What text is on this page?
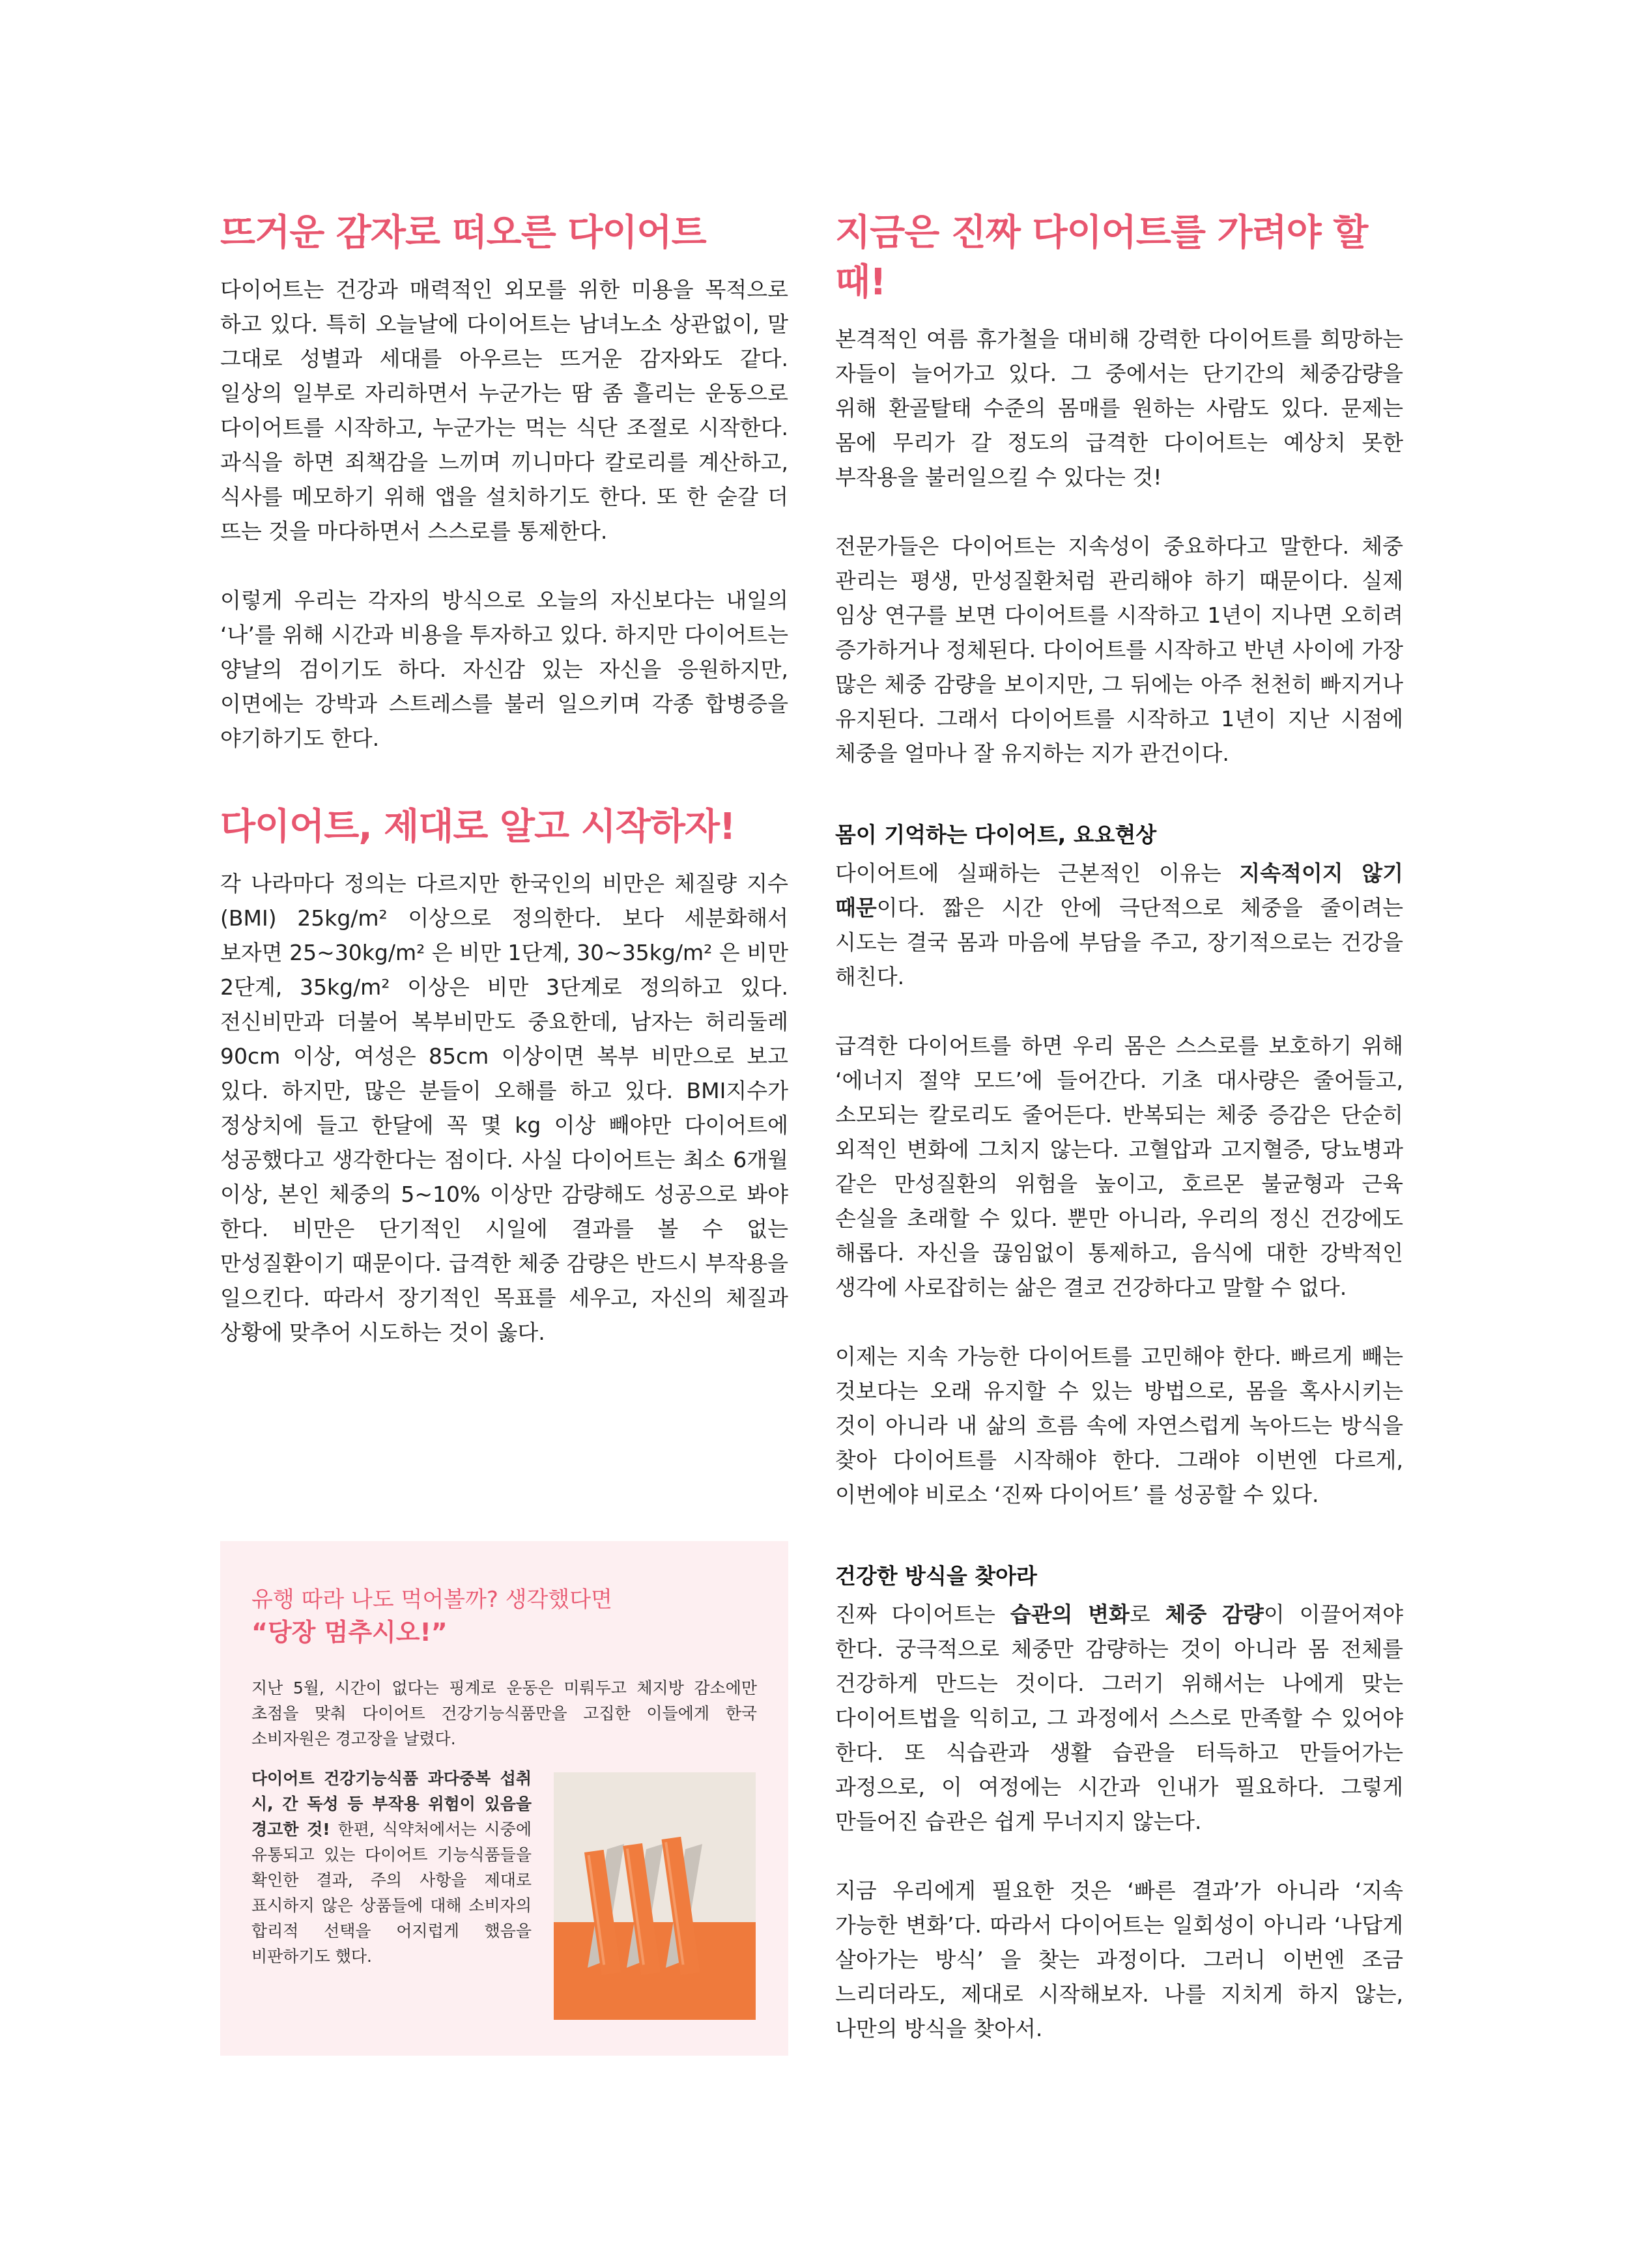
뜨거운 감자로 떠오른 다이어트

다이어트는 건강과 매력적인 외모를 위한 미용을 목적으로 하고 있다. 특히 오늘날에 다이어트는 남녀노소 상관없이, 말 그대로 성별과 세대를 아우르는 뜨거운 감자와도 같다. 일상의 일부로 자리하면서 누군가는 땀 좀 흘리는 운동으로 다이어트를 시작하고, 누군가는 먹는 식단 조절로 시작한다. 과식을 하면 죄책감을 느끼며 끼니마다 칼로리를 계산하고, 식사를 메모하기 위해 앱을 설치하기도 한다. 또 한 숟갈 더 뜨는 것을 마다하면서 스스로를 통제한다.

이렇게 우리는 각자의 방식으로 오늘의 자신보다는 내일의 ‘나’를 위해 시간과 비용을 투자하고 있다. 하지만 다이어트는 양날의 검이기도 하다. 자신감 있는 자신을 응원하지만, 이면에는 강박과 스트레스를 불러 일으키며 각종 합병증을 야기하기도 한다.

다이어트, 제대로 알고 시작하자!

각 나라마다 정의는 다르지만 한국인의 비만은 체질량 지수(BMI) 25kg/m² 이상으로 정의한다. 보다 세분화해서 보자면 25~30kg/m² 은 비만 1단계, 30~35kg/m² 은 비만 2단계, 35kg/m² 이상은 비만 3단계로 정의하고 있다. 전신비만과 더불어 복부비만도 중요한데, 남자는 허리둘레 90cm 이상, 여성은 85cm 이상이면 복부 비만으로 보고 있다. 하지만, 많은 분들이 오해를 하고 있다. BMI지수가 정상치에 들고 한달에 꼭 몇 kg 이상 빼야만 다이어트에 성공했다고 생각한다는 점이다. 사실 다이어트는 최소 6개월 이상, 본인 체중의 5~10% 이상만 감량해도 성공으로 봐야 한다. 비만은 단기적인 시일에 결과를 볼 수 없는 만성질환이기 때문이다. 급격한 체중 감량은 반드시 부작용을 일으킨다. 따라서 장기적인 목표를 세우고, 자신의 체질과 상황에 맞추어 시도하는 것이 옳다.

유행 따라 나도 먹어볼까? 생각했다면

“당장 멈추시오!”

지난 5월, 시간이 없다는 핑계로 운동은 미뤄두고 체지방 감소에만 초점을 맞춰 다이어트 건강기능식품만을 고집한 이들에게 한국 소비자원은 경고장을 날렸다.

다이어트 건강기능식품 과다중복 섭취 시, 간 독성 등 부작용 위험이 있음을 경고한 것! 한편, 식약처에서는 시중에 유통되고 있는 다이어트 기능식품들을 확인한 결과, 주의 사항을 제대로 표시하지 않은 상품들에 대해 소비자의 합리적 선택을 어지럽게 했음을 비판하기도 했다.

지금은 진짜 다이어트를 가려야 할 때!

본격적인 여름 휴가철을 대비해 강력한 다이어트를 희망하는 자들이 늘어가고 있다. 그 중에서는 단기간의 체중감량을 위해 환골탈태 수준의 몸매를 원하는 사람도 있다. 문제는 몸에 무리가 갈 정도의 급격한 다이어트는 예상치 못한 부작용을 불러일으킬 수 있다는 것!

전문가들은 다이어트는 지속성이 중요하다고 말한다. 체중 관리는 평생, 만성질환처럼 관리해야 하기 때문이다. 실제 임상 연구를 보면 다이어트를 시작하고 1년이 지나면 오히려 증가하거나 정체된다. 다이어트를 시작하고 반년 사이에 가장 많은 체중 감량을 보이지만, 그 뒤에는 아주 천천히 빠지거나 유지된다. 그래서 다이어트를 시작하고 1년이 지난 시점에 체중을 얼마나 잘 유지하는 지가 관건이다.

몸이 기억하는 다이어트, 요요현상

다이어트에 실패하는 근본적인 이유는 지속적이지 않기 때문이다. 짧은 시간 안에 극단적으로 체중을 줄이려는 시도는 결국 몸과 마음에 부담을 주고, 장기적으로는 건강을 해친다.

급격한 다이어트를 하면 우리 몸은 스스로를 보호하기 위해 ‘에너지 절약 모드’에 들어간다. 기초 대사량은 줄어들고, 소모되는 칼로리도 줄어든다. 반복되는 체중 증감은 단순히 외적인 변화에 그치지 않는다. 고혈압과 고지혈증, 당뇨병과 같은 만성질환의 위험을 높이고, 호르몬 불균형과 근육 손실을 초래할 수 있다. 뿐만 아니라, 우리의 정신 건강에도 해롭다. 자신을 끊임없이 통제하고, 음식에 대한 강박적인 생각에 사로잡히는 삶은 결코 건강하다고 말할 수 없다.

이제는 지속 가능한 다이어트를 고민해야 한다. 빠르게 빼는 것보다는 오래 유지할 수 있는 방법으로, 몸을 혹사시키는 것이 아니라 내 삶의 흐름 속에 자연스럽게 녹아드는 방식을 찾아 다이어트를 시작해야 한다. 그래야 이번엔 다르게, 이번에야 비로소 ‘진짜 다이어트’ 를 성공할 수 있다.

건강한 방식을 찾아라

진짜 다이어트는 습관의 변화로 체중 감량이 이끌어져야 한다. 궁극적으로 체중만 감량하는 것이 아니라 몸 전체를 건강하게 만드는 것이다. 그러기 위해서는 나에게 맞는 다이어트법을 익히고, 그 과정에서 스스로 만족할 수 있어야 한다. 또 식습관과 생활 습관을 터득하고 만들어가는 과정으로, 이 여정에는 시간과 인내가 필요하다. 그렇게 만들어진 습관은 쉽게 무너지지 않는다.

지금 우리에게 필요한 것은 ‘빠른 결과’가 아니라 ‘지속 가능한 변화’다. 따라서 다이어트는 일회성이 아니라 ‘나답게 살아가는 방식’ 을 찾는 과정이다. 그러니 이번엔 조금 느리더라도, 제대로 시작해보자. 나를 지치게 하지 않는, 나만의 방식을 찾아서.
